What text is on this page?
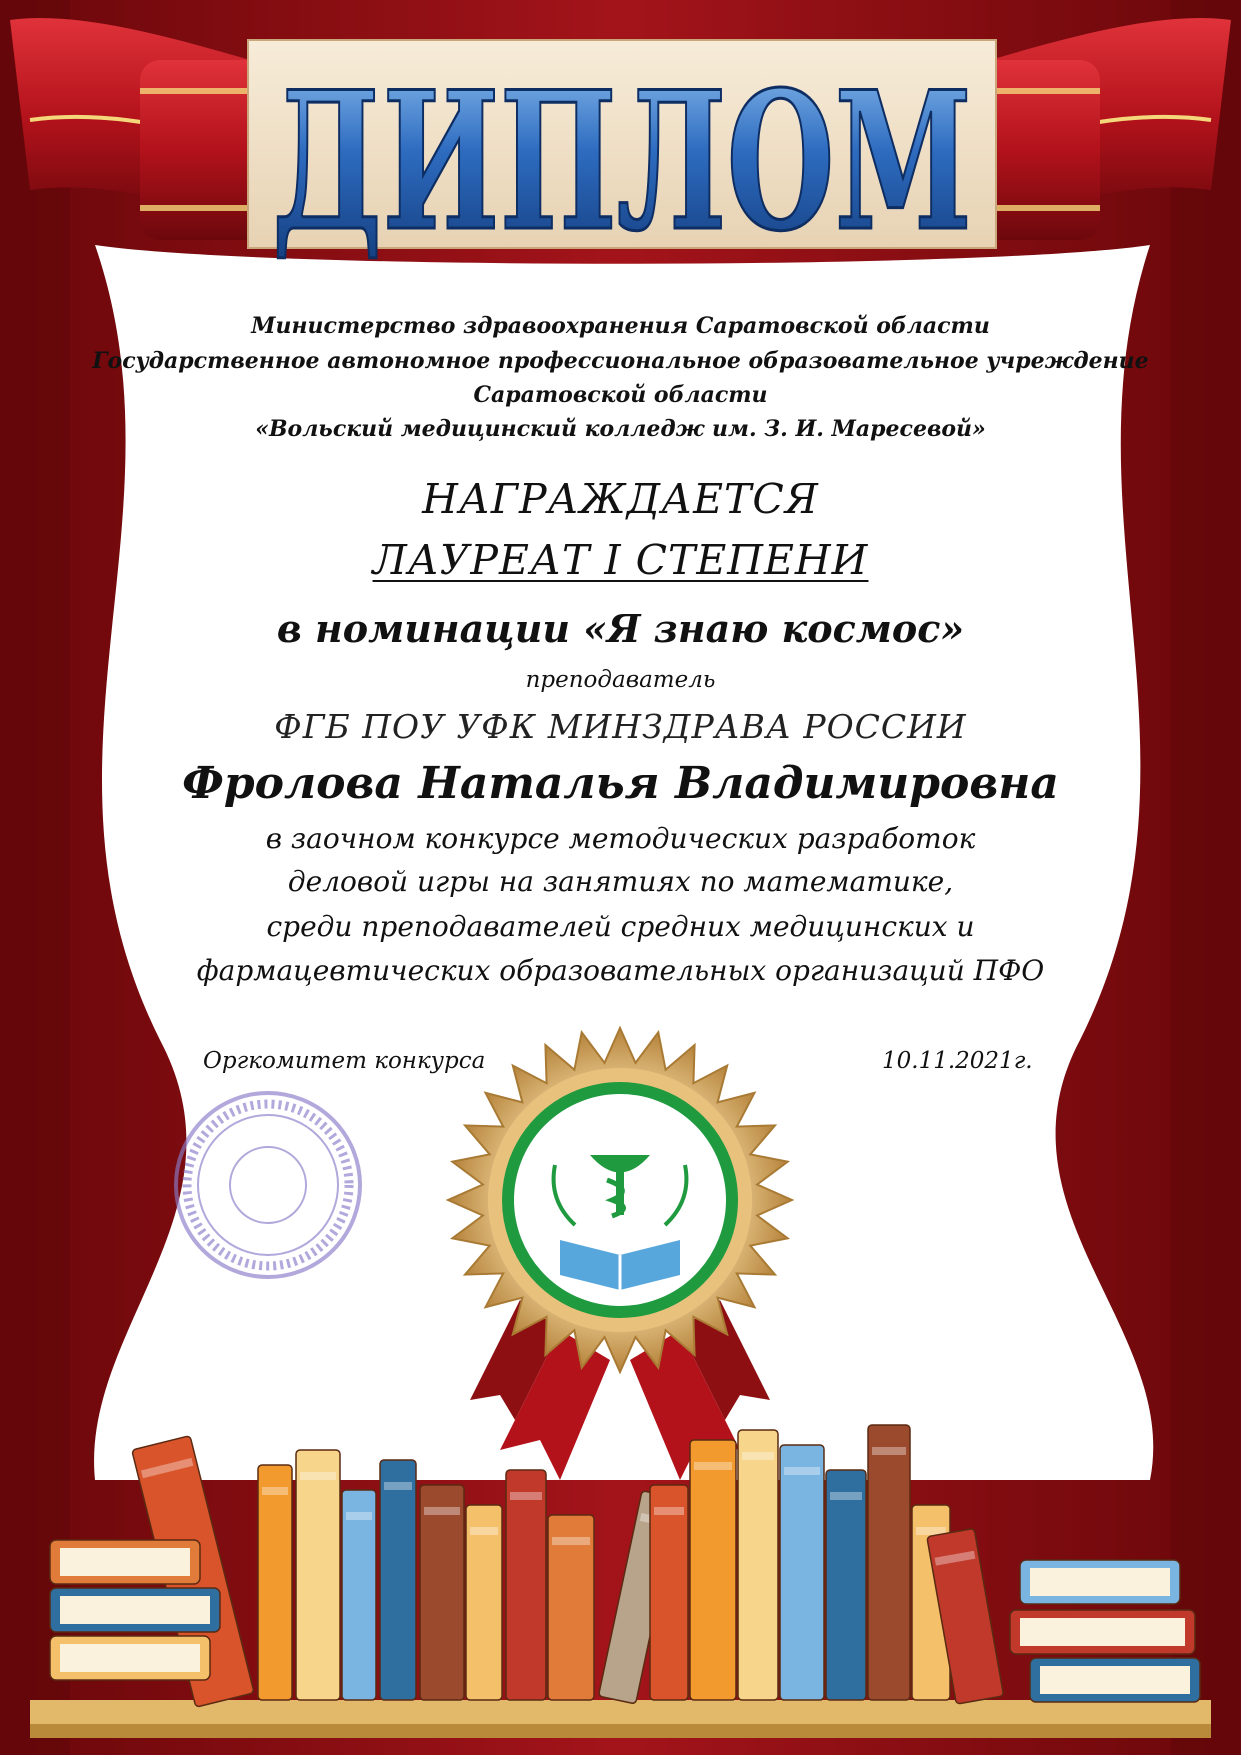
ДИПЛОМ
Министерство здравоохранения Саратовской области
Государственное автономное профессиональное образовательное учреждение
Саратовской области
«Вольский медицинский колледж им. З. И. Маресевой»
НАГРАЖДАЕТСЯ
ЛАУРЕАТ I СТЕПЕНИ
в номинации «Я знаю космос»
преподаватель
ФГБ ПОУ УФК МИНЗДРАВА РОССИИ
Фролова Наталья Владимировна
в заочном конкурсе методических разработок
деловой игры на занятиях по математике,
среди преподавателей средних медицинских и
фармацевтических образовательных организаций ПФО
Оргкомитет конкурса	10.11.2021г.
